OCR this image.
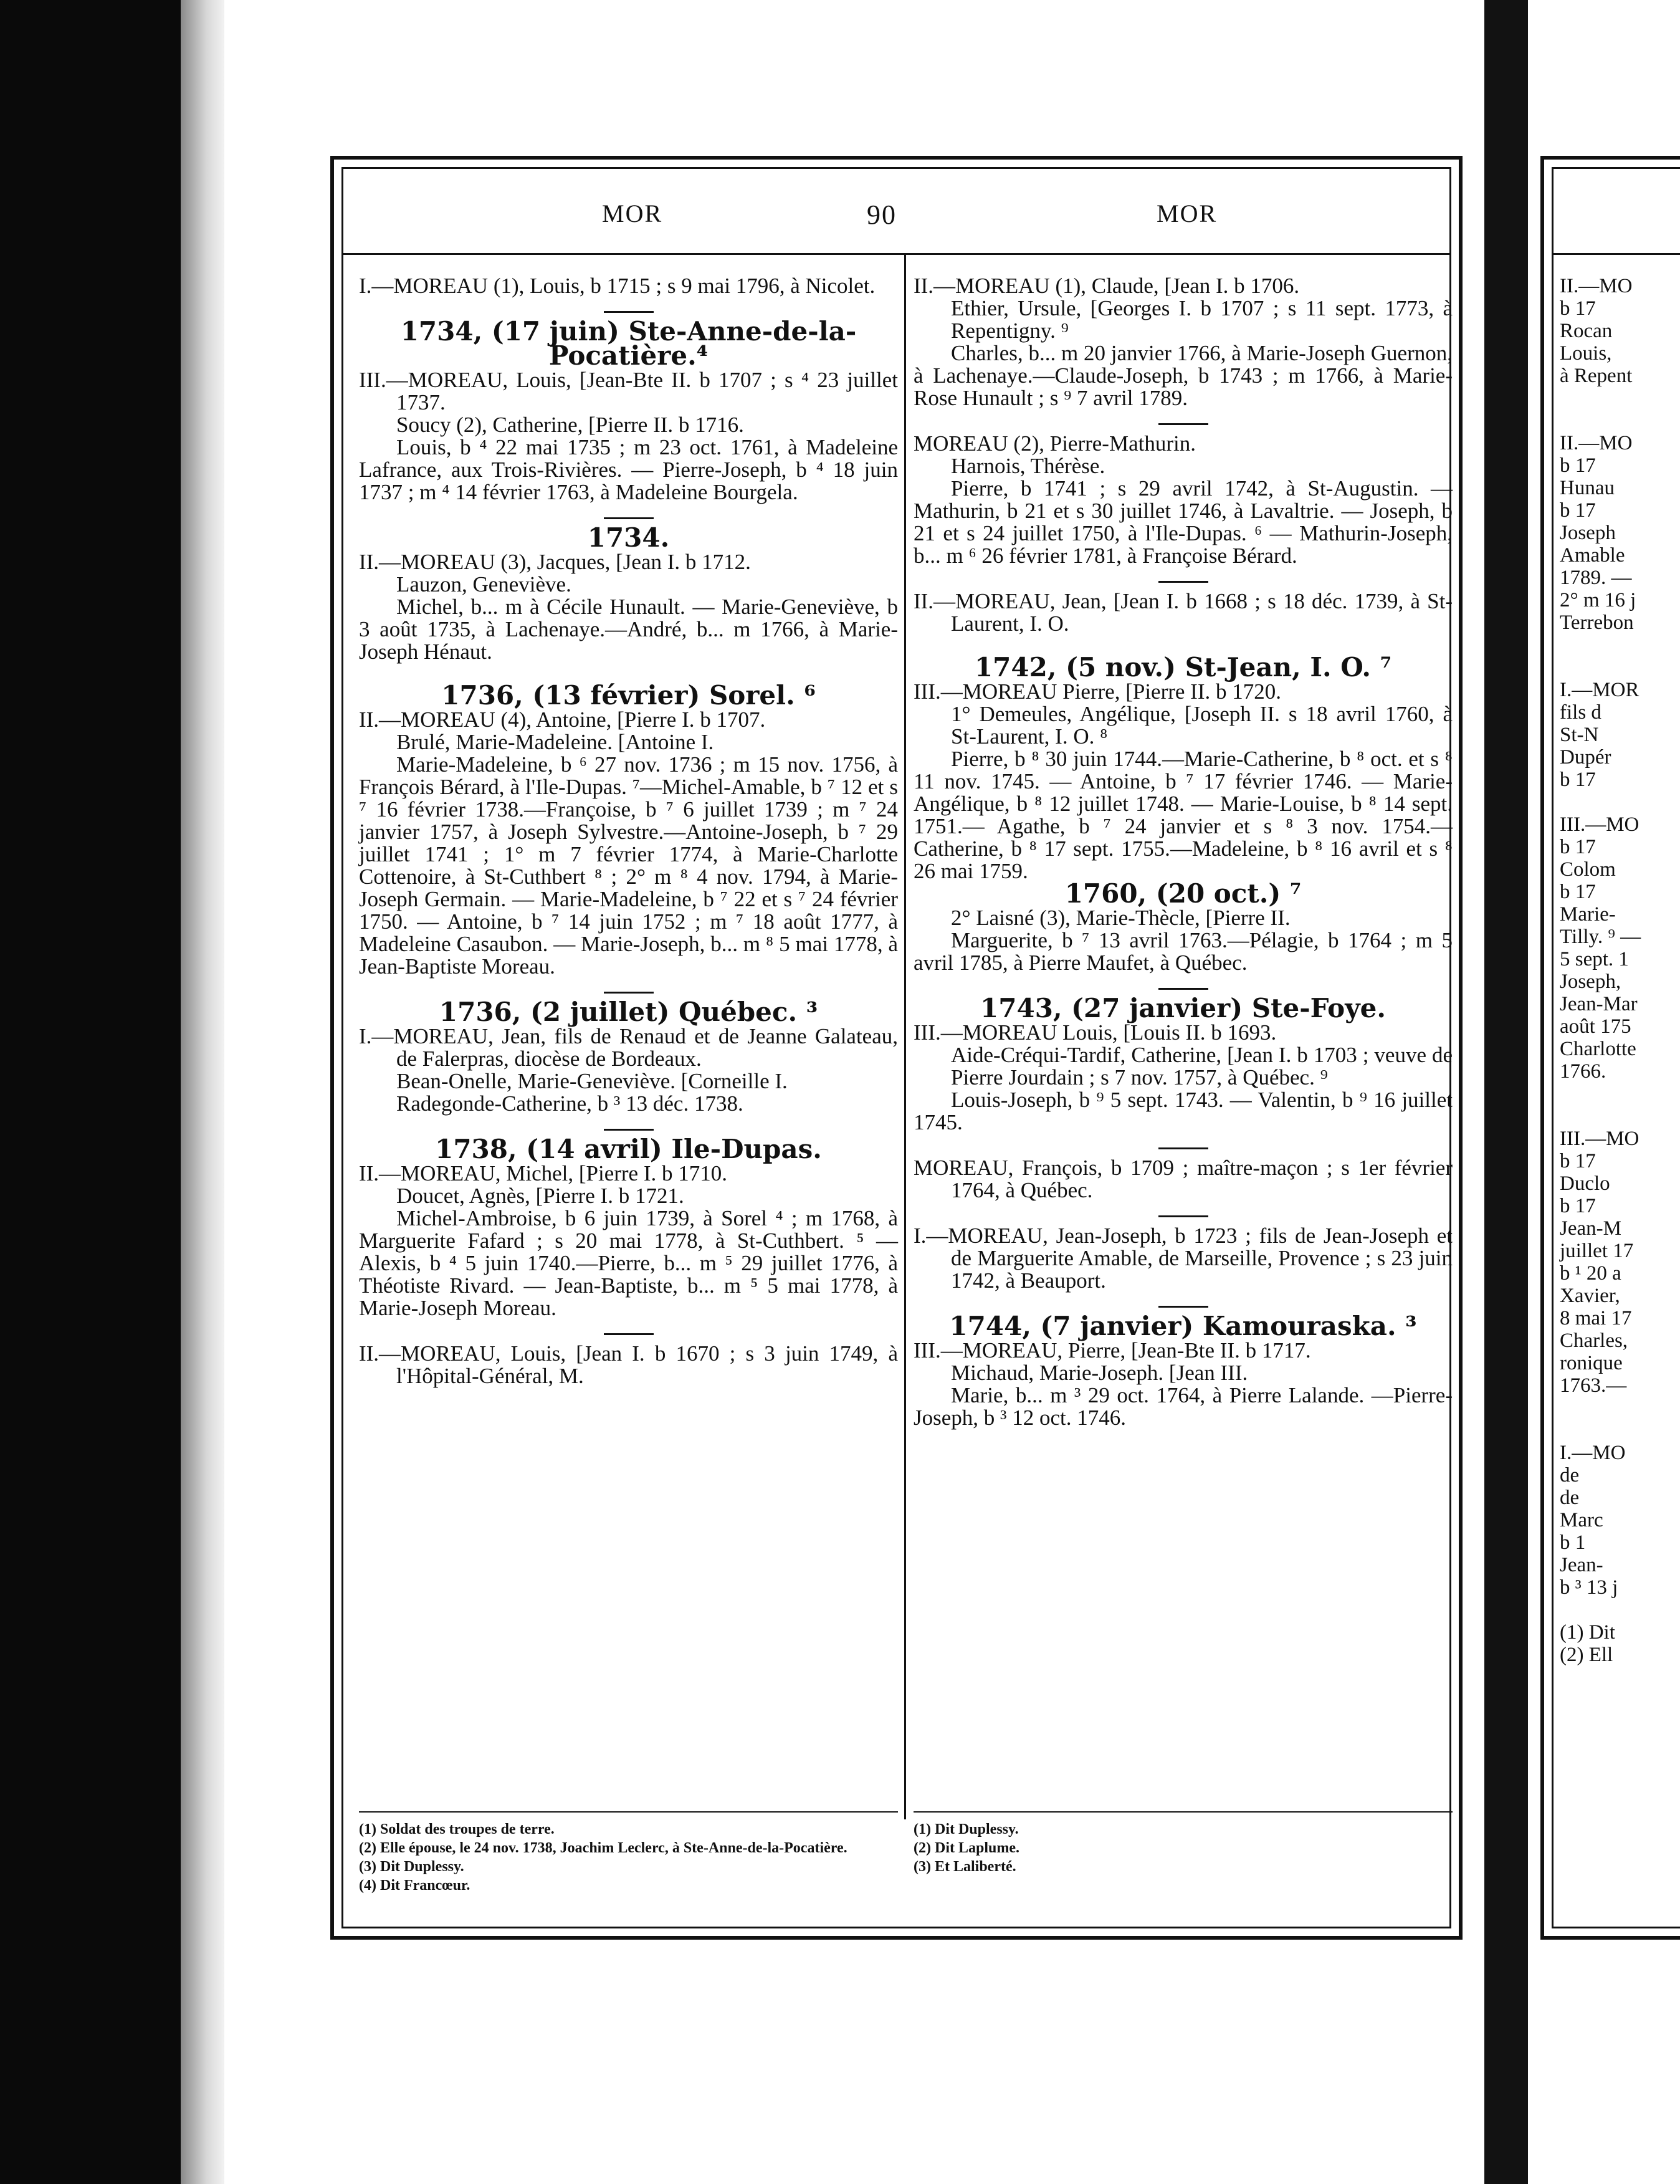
MOR	90	MOR

I.—MOREAU (1), Louis, b 1715 ; s 9 mai 1796, à Nicolet.

1734, (17 juin) Ste-Anne-de-la-Pocatière.⁴

III.—MOREAU, Louis, [Jean-Bte II. b 1707 ; s ⁴ 23 juillet 1737.

Soucy (2), Catherine, [Pierre II. b 1716.

Louis, b ⁴ 22 mai 1735 ; m 23 oct. 1761, à Madeleine Lafrance, aux Trois-Rivières. — Pierre-Joseph, b ⁴ 18 juin 1737 ; m ⁴ 14 février 1763, à Madeleine Bourgela.

1734.

II.—MOREAU (3), Jacques, [Jean I. b 1712.

Lauzon, Geneviève.

Michel, b... m à Cécile Hunault. — Marie-Geneviève, b 3 août 1735, à Lachenaye.—André, b... m 1766, à Marie-Joseph Hénaut.

1736, (13 février) Sorel. ⁶

II.—MOREAU (4), Antoine, [Pierre I. b 1707.

Brulé, Marie-Madeleine. [Antoine I.

Marie-Madeleine, b ⁶ 27 nov. 1736 ; m 15 nov. 1756, à François Bérard, à l'Ile-Dupas. ⁷—Michel-Amable, b ⁷ 12 et s ⁷ 16 février 1738.—Françoise, b ⁷ 6 juillet 1739 ; m ⁷ 24 janvier 1757, à Joseph Sylvestre.—Antoine-Joseph, b ⁷ 29 juillet 1741 ; 1° m 7 février 1774, à Marie-Charlotte Cottenoire, à St-Cuthbert ⁸ ; 2° m ⁸ 4 nov. 1794, à Marie-Joseph Germain. — Marie-Madeleine, b ⁷ 22 et s ⁷ 24 février 1750. — Antoine, b ⁷ 14 juin 1752 ; m ⁷ 18 août 1777, à Madeleine Casaubon. — Marie-Joseph, b... m ⁸ 5 mai 1778, à Jean-Baptiste Moreau.

1736, (2 juillet) Québec. ³

I.—MOREAU, Jean, fils de Renaud et de Jeanne Galateau, de Falerpras, diocèse de Bordeaux.

Bean-Onelle, Marie-Geneviève. [Corneille I.

Radegonde-Catherine, b ³ 13 déc. 1738.

1738, (14 avril) Ile-Dupas.

II.—MOREAU, Michel, [Pierre I. b 1710.

Doucet, Agnès, [Pierre I. b 1721.

Michel-Ambroise, b 6 juin 1739, à Sorel ⁴ ; m 1768, à Marguerite Fafard ; s 20 mai 1778, à St-Cuthbert. ⁵ — Alexis, b ⁴ 5 juin 1740.—Pierre, b... m ⁵ 29 juillet 1776, à Théotiste Rivard. — Jean-Baptiste, b... m ⁵ 5 mai 1778, à Marie-Joseph Moreau.

II.—MOREAU, Louis, [Jean I. b 1670 ; s 3 juin 1749, à l'Hôpital-Général, M.

II.—MOREAU (1), Claude, [Jean I. b 1706.

Ethier, Ursule, [Georges I. b 1707 ; s 11 sept. 1773, à Repentigny. ⁹

Charles, b... m 20 janvier 1766, à Marie-Joseph Guernon, à Lachenaye.—Claude-Joseph, b 1743 ; m 1766, à Marie-Rose Hunault ; s ⁹ 7 avril 1789.

MOREAU (2), Pierre-Mathurin.

Harnois, Thérèse.

Pierre, b 1741 ; s 29 avril 1742, à St-Augustin. — Mathurin, b 21 et s 30 juillet 1746, à Lavaltrie. — Joseph, b 21 et s 24 juillet 1750, à l'Ile-Dupas. ⁶ — Mathurin-Joseph, b... m ⁶ 26 février 1781, à Françoise Bérard.

II.—MOREAU, Jean, [Jean I. b 1668 ; s 18 déc. 1739, à St-Laurent, I. O.

1742, (5 nov.) St-Jean, I. O. ⁷

III.—MOREAU Pierre, [Pierre II. b 1720.

1° Demeules, Angélique, [Joseph II. s 18 avril 1760, à St-Laurent, I. O. ⁸

Pierre, b ⁸ 30 juin 1744.—Marie-Catherine, b ⁸ oct. et s ⁸ 11 nov. 1745. — Antoine, b ⁷ 17 février 1746. — Marie-Angélique, b ⁸ 12 juillet 1748. — Marie-Louise, b ⁸ 14 sept. 1751.— Agathe, b ⁷ 24 janvier et s ⁸ 3 nov. 1754.—Catherine, b ⁸ 17 sept. 1755.—Madeleine, b ⁸ 16 avril et s ⁸ 26 mai 1759.

1760, (20 oct.) ⁷

2° Laisné (3), Marie-Thècle, [Pierre II.

Marguerite, b ⁷ 13 avril 1763.—Pélagie, b 1764 ; m 5 avril 1785, à Pierre Maufet, à Québec.

1743, (27 janvier) Ste-Foye.

III.—MOREAU Louis, [Louis II. b 1693.

Aide-Créqui-Tardif, Catherine, [Jean I. b 1703 ; veuve de Pierre Jourdain ; s 7 nov. 1757, à Québec. ⁹

Louis-Joseph, b ⁹ 5 sept. 1743. — Valentin, b ⁹ 16 juillet 1745.

MOREAU, François, b 1709 ; maître-maçon ; s 1er février 1764, à Québec.

I.—MOREAU, Jean-Joseph, b 1723 ; fils de Jean-Joseph et de Marguerite Amable, de Marseille, Provence ; s 23 juin 1742, à Beauport.

1744, (7 janvier) Kamouraska. ³

III.—MOREAU, Pierre, [Jean-Bte II. b 1717.

Michaud, Marie-Joseph. [Jean III.

Marie, b... m ³ 29 oct. 1764, à Pierre Lalande. —Pierre-Joseph, b ³ 12 oct. 1746.

(1) Soldat des troupes de terre.
(2) Elle épouse, le 24 nov. 1738, Joachim Leclerc, à Ste-Anne-de-la-Pocatière.
(3) Dit Duplessy.
(4) Dit Francœur.
(1) Dit Duplessy.
(2) Dit Laplume.
(3) Et Laliberté.
II.—MO
b 17
Rocan
Louis,
à Repent
II.—MO
b 17
Hunau
b 17
Joseph
Amable
1789. —
2° m 16 j
Terrebon
I.—MOR
fils d
St-N
Dupér
b 17
III.—MO
b 17
Colom
b 17
Marie-
Tilly. ⁹ —
5 sept. 1
Joseph,
Jean-Mar
août 175
Charlotte
1766.
III.—MO
b 17
Duclo
b 17
Jean-M
juillet 17
b ¹ 20 a
Xavier,
8 mai 17
Charles,
ronique
1763.—
I.—MO
de
de
Marc
b 1
Jean-
b ³ 13 j
(1) Dit
(2) Ell
